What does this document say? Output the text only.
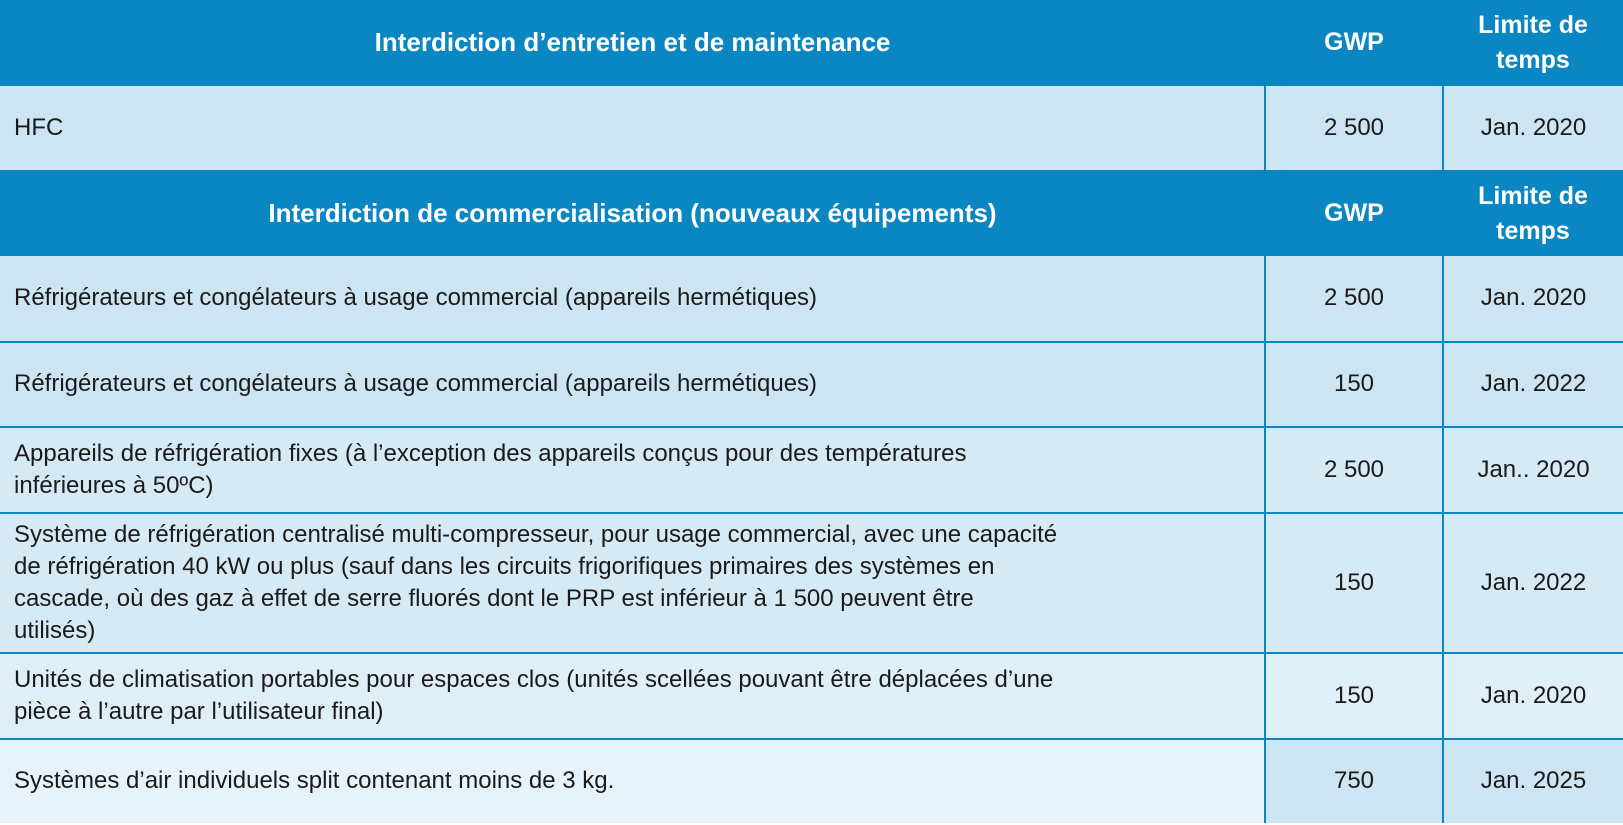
Interdiction d’entretien et de maintenance	GWP	Limite de
temps
HFC	2 500	Jan. 2020
Interdiction de commercialisation (nouveaux équipements)	GWP	Limite de
temps
Réfrigérateurs et congélateurs à usage commercial (appareils hermétiques)	2 500	Jan. 2020
Réfrigérateurs et congélateurs à usage commercial (appareils hermétiques)	150	Jan. 2022
Appareils de réfrigération fixes (à l’exception des appareils conçus pour des températures
inférieures à 50ºC)	2 500	Jan.. 2020
Système de réfrigération centralisé multi-compresseur, pour usage commercial, avec une capacité
de réfrigération 40 kW ou plus (sauf dans les circuits frigorifiques primaires des systèmes en
cascade, où des gaz à effet de serre fluorés dont le PRP est inférieur à 1 500 peuvent être
utilisés)	150	Jan. 2022
Unités de climatisation portables pour espaces clos (unités scellées pouvant être déplacées d’une
pièce à l’autre par l’utilisateur final)	150	Jan. 2020
Systèmes d’air individuels split contenant moins de 3 kg.	750	Jan. 2025
